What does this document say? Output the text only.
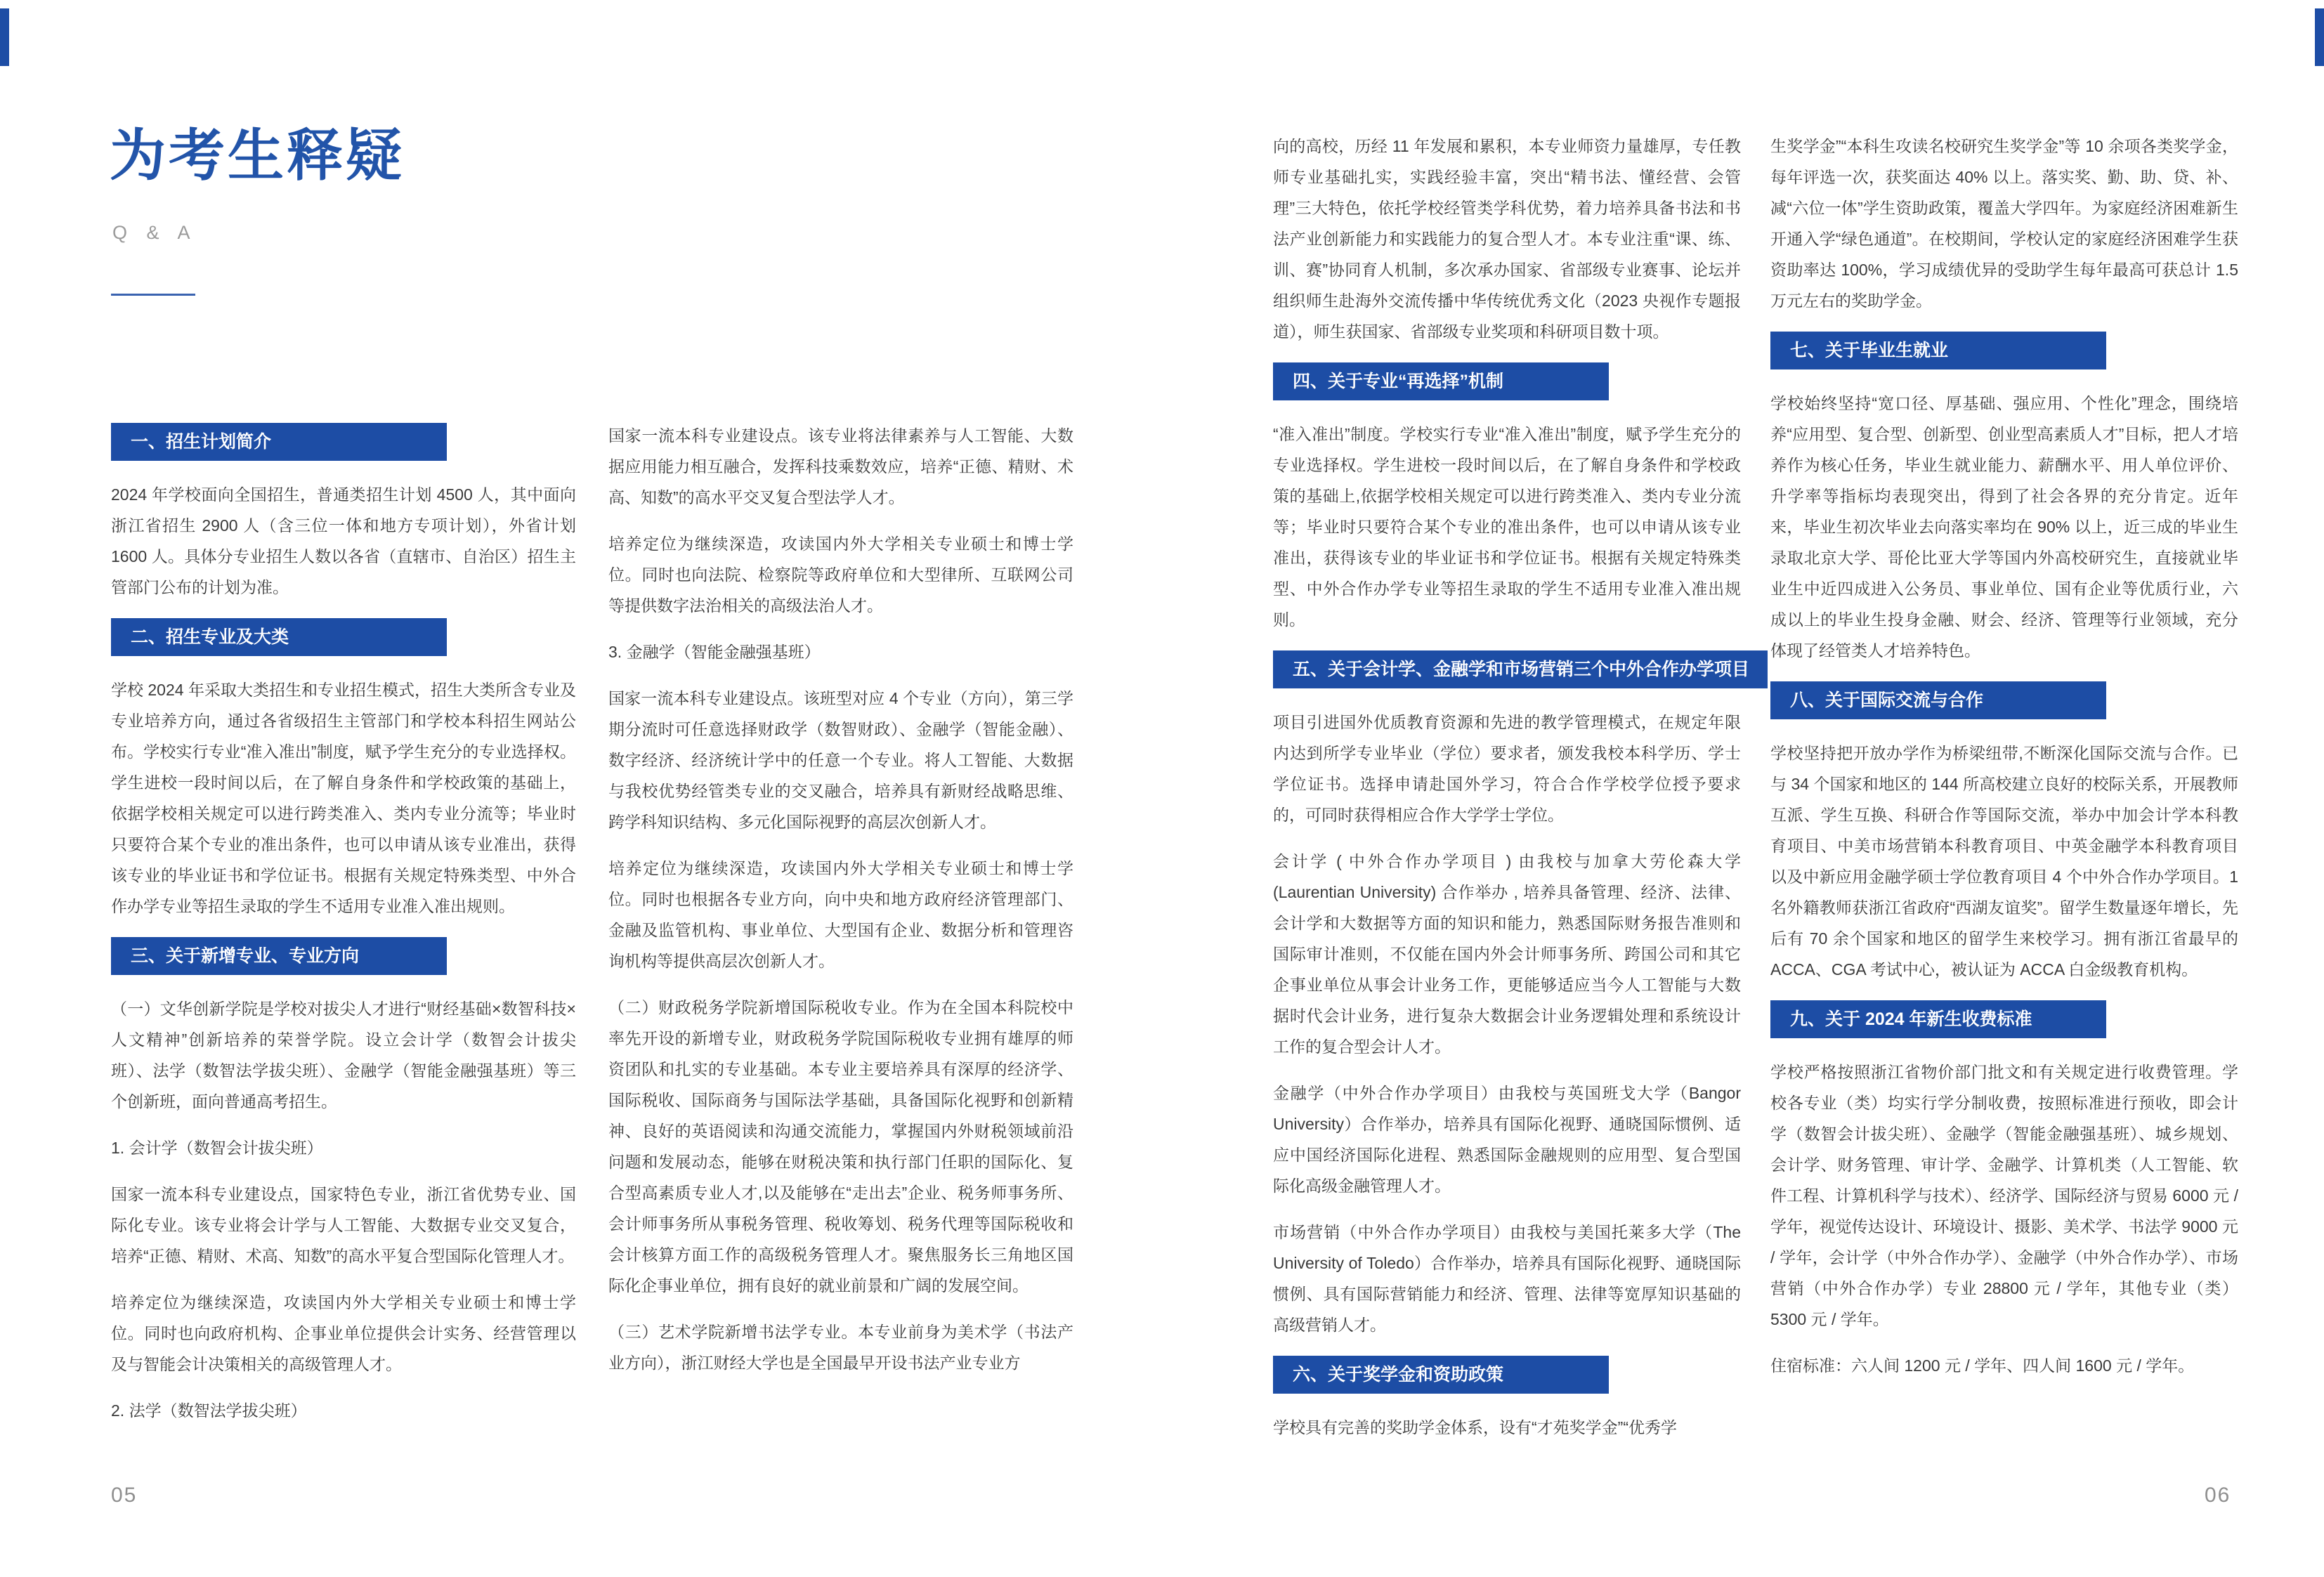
为考生释疑
Q & A
一、招生计划简介
2024 年学校面向全国招生，普通类招生计划 4500 人，其中面向浙江省招生 2900 人（含三位一体和地方专项计划），外省计划 1600 人。具体分专业招生人数以各省（直辖市、自治区）招生主管部门公布的计划为准。
二、招生专业及大类
学校 2024 年采取大类招生和专业招生模式，招生大类所含专业及专业培养方向，通过各省级招生主管部门和学校本科招生网站公布。学校实行专业“准入准出”制度，赋予学生充分的专业选择权。学生进校一段时间以后，在了解自身条件和学校政策的基础上，依据学校相关规定可以进行跨类准入、类内专业分流等；毕业时只要符合某个专业的准出条件，也可以申请从该专业准出，获得该专业的毕业证书和学位证书。根据有关规定特殊类型、中外合作办学专业等招生录取的学生不适用专业准入准出规则。
三、关于新增专业、专业方向
（一）文华创新学院是学校对拔尖人才进行“财经基础×数智科技×人文精神”创新培养的荣誉学院。设立会计学（数智会计拔尖班）、法学（数智法学拔尖班）、金融学（智能金融强基班）等三个创新班，面向普通高考招生。
1. 会计学（数智会计拔尖班）
国家一流本科专业建设点，国家特色专业，浙江省优势专业、国际化专业。该专业将会计学与人工智能、大数据专业交叉复合，培养“正德、精财、术高、知数”的高水平复合型国际化管理人才。
培养定位为继续深造，攻读国内外大学相关专业硕士和博士学位。同时也向政府机构、企事业单位提供会计实务、经营管理以及与智能会计决策相关的高级管理人才。
2. 法学（数智法学拔尖班）
国家一流本科专业建设点。该专业将法律素养与人工智能、大数据应用能力相互融合，发挥科技乘数效应，培养“正德、精财、术高、知数”的高水平交叉复合型法学人才。
培养定位为继续深造，攻读国内外大学相关专业硕士和博士学位。同时也向法院、检察院等政府单位和大型律所、互联网公司等提供数字法治相关的高级法治人才。
3. 金融学（智能金融强基班）
国家一流本科专业建设点。该班型对应 4 个专业（方向），第三学期分流时可任意选择财政学（数智财政）、金融学（智能金融）、数字经济、经济统计学中的任意一个专业。将人工智能、大数据与我校优势经管类专业的交叉融合，培养具有新财经战略思维、跨学科知识结构、多元化国际视野的高层次创新人才。
培养定位为继续深造，攻读国内外大学相关专业硕士和博士学位。同时也根据各专业方向，向中央和地方政府经济管理部门、金融及监管机构、事业单位、大型国有企业、数据分析和管理咨询机构等提供高层次创新人才。
（二）财政税务学院新增国际税收专业。作为在全国本科院校中率先开设的新增专业，财政税务学院国际税收专业拥有雄厚的师资团队和扎实的专业基础。本专业主要培养具有深厚的经济学、国际税收、国际商务与国际法学基础，具备国际化视野和创新精神、良好的英语阅读和沟通交流能力，掌握国内外财税领域前沿问题和发展动态，能够在财税决策和执行部门任职的国际化、复合型高素质专业人才,以及能够在“走出去”企业、税务师事务所、会计师事务所从事税务管理、税收筹划、税务代理等国际税收和会计核算方面工作的高级税务管理人才。聚焦服务长三角地区国际化企事业单位，拥有良好的就业前景和广阔的发展空间。
（三）艺术学院新增书法学专业。本专业前身为美术学（书法产业方向），浙江财经大学也是全国最早开设书法产业专业方
向的高校，历经 11 年发展和累积，本专业师资力量雄厚，专任教师专业基础扎实，实践经验丰富，突出“精书法、懂经营、会管理”三大特色，依托学校经管类学科优势，着力培养具备书法和书法产业创新能力和实践能力的复合型人才。本专业注重“课、练、训、赛”协同育人机制，多次承办国家、省部级专业赛事、论坛并组织师生赴海外交流传播中华传统优秀文化（2023 央视作专题报道），师生获国家、省部级专业奖项和科研项目数十项。
四、关于专业“再选择”机制
“准入准出”制度。学校实行专业“准入准出”制度，赋予学生充分的专业选择权。学生进校一段时间以后，在了解自身条件和学校政策的基础上,依据学校相关规定可以进行跨类准入、类内专业分流等；毕业时只要符合某个专业的准出条件，也可以申请从该专业准出，获得该专业的毕业证书和学位证书。根据有关规定特殊类型、中外合作办学专业等招生录取的学生不适用专业准入准出规则。
五、关于会计学、金融学和市场营销三个中外合作办学项目
项目引进国外优质教育资源和先进的教学管理模式，在规定年限内达到所学专业毕业（学位）要求者，颁发我校本科学历、学士学位证书。选择申请赴国外学习，符合合作学校学位授予要求的，可同时获得相应合作大学学士学位。
会计学 ( 中外合作办学项目 ) 由我校与加拿大劳伦森大学 (Laurentian University) 合作举办 , 培养具备管理、经济、法律、会计学和大数据等方面的知识和能力，熟悉国际财务报告准则和国际审计准则，不仅能在国内外会计师事务所、跨国公司和其它企事业单位从事会计业务工作，更能够适应当今人工智能与大数据时代会计业务，进行复杂大数据会计业务逻辑处理和系统设计工作的复合型会计人才。
金融学（中外合作办学项目）由我校与英国班戈大学（Bangor University）合作举办，培养具有国际化视野、通晓国际惯例、适应中国经济国际化进程、熟悉国际金融规则的应用型、复合型国际化高级金融管理人才。
市场营销（中外合作办学项目）由我校与美国托莱多大学（The University of Toledo）合作举办，培养具有国际化视野、通晓国际惯例、具有国际营销能力和经济、管理、法律等宽厚知识基础的高级营销人才。
六、关于奖学金和资助政策
学校具有完善的奖助学金体系，设有“才苑奖学金”“优秀学
生奖学金”“本科生攻读名校研究生奖学金”等 10 余项各类奖学金，每年评选一次，获奖面达 40% 以上。落实奖、勤、助、贷、补、减“六位一体”学生资助政策，覆盖大学四年。为家庭经济困难新生开通入学“绿色通道”。在校期间，学校认定的家庭经济困难学生获资助率达 100%，学习成绩优异的受助学生每年最高可获总计 1.5 万元左右的奖助学金。
七、关于毕业生就业
学校始终坚持“宽口径、厚基础、强应用、个性化”理念，围绕培养“应用型、复合型、创新型、创业型高素质人才”目标，把人才培养作为核心任务，毕业生就业能力、薪酬水平、用人单位评价、升学率等指标均表现突出，得到了社会各界的充分肯定。近年来，毕业生初次毕业去向落实率均在 90% 以上，近三成的毕业生录取北京大学、哥伦比亚大学等国内外高校研究生，直接就业毕业生中近四成进入公务员、事业单位、国有企业等优质行业，六成以上的毕业生投身金融、财会、经济、管理等行业领域，充分体现了经管类人才培养特色。
八、关于国际交流与合作
学校坚持把开放办学作为桥梁纽带,不断深化国际交流与合作。已与 34 个国家和地区的 144 所高校建立良好的校际关系，开展教师互派、学生互换、科研合作等国际交流，举办中加会计学本科教育项目、中美市场营销本科教育项目、中英金融学本科教育项目以及中新应用金融学硕士学位教育项目 4 个中外合作办学项目。1 名外籍教师获浙江省政府“西湖友谊奖”。留学生数量逐年增长，先后有 70 余个国家和地区的留学生来校学习。拥有浙江省最早的 ACCA、CGA 考试中心，被认证为 ACCA 白金级教育机构。
九、关于 2024 年新生收费标准
学校严格按照浙江省物价部门批文和有关规定进行收费管理。学校各专业（类）均实行学分制收费，按照标准进行预收，即会计学（数智会计拔尖班）、金融学（智能金融强基班）、城乡规划、会计学、财务管理、审计学、金融学、计算机类（人工智能、软件工程、计算机科学与技术）、经济学、国际经济与贸易 6000 元 / 学年，视觉传达设计、环境设计、摄影、美术学、书法学 9000 元 / 学年，会计学（中外合作办学）、金融学（中外合作办学）、市场营销（中外合作办学）专业 28800 元 / 学年，其他专业（类）5300 元 / 学年。
住宿标准：六人间 1200 元 / 学年、四人间 1600 元 / 学年。
05	06
